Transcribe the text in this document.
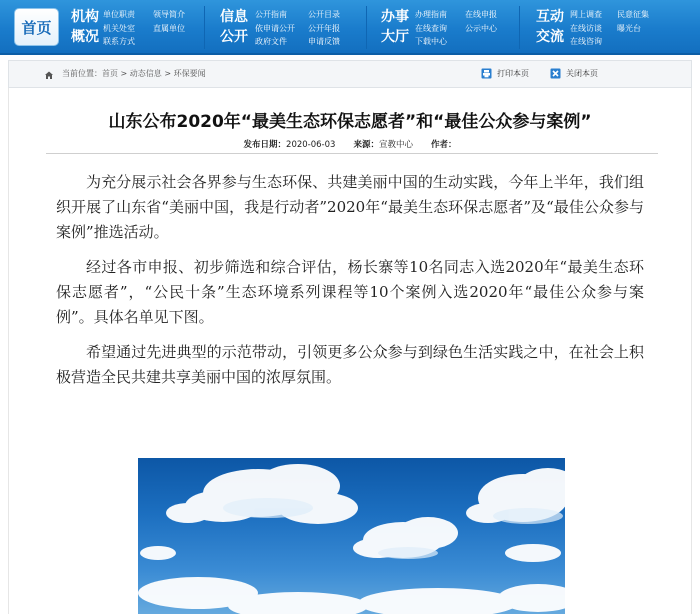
首页
机构
概况
单位职责
机关处室
联系方式
领导简介
直属单位
信息
公开
公开指南
依申请公开
政府文件
公开目录
公开年报
申请反馈
办事
大厅
办理指南
在线查询
下载中心
在线申报
公示中心
互动
交流
网上调查
在线访谈
在线咨询
民意征集
曝光台
当前位置：首页 > 动态信息 > 环保要闻	打印本页	关闭本页
山东公布2020年“最美生态环保志愿者”和“最佳公众参与案例”
发布日期：2020-06-03 来源：宣教中心 作者：

为充分展示社会各界参与生态环保、共建美丽中国的生动实践，今年上半年，我们组织开展了山东省“美丽中国，我是行动者”2020年“最美生态环保志愿者”及“最佳公众参与案例”推选活动。

经过各市申报、初步筛选和综合评估，杨长寨等10名同志入选2020年“最美生态环保志愿者”，“公民十条”生态环境系列课程等10个案例入选2020年“最佳公众参与案例”。具体名单见下图。

希望通过先进典型的示范带动，引领更多公众参与到绿色生活实践之中，在社会上积极营造全民共建共享美丽中国的浓厚氛围。
